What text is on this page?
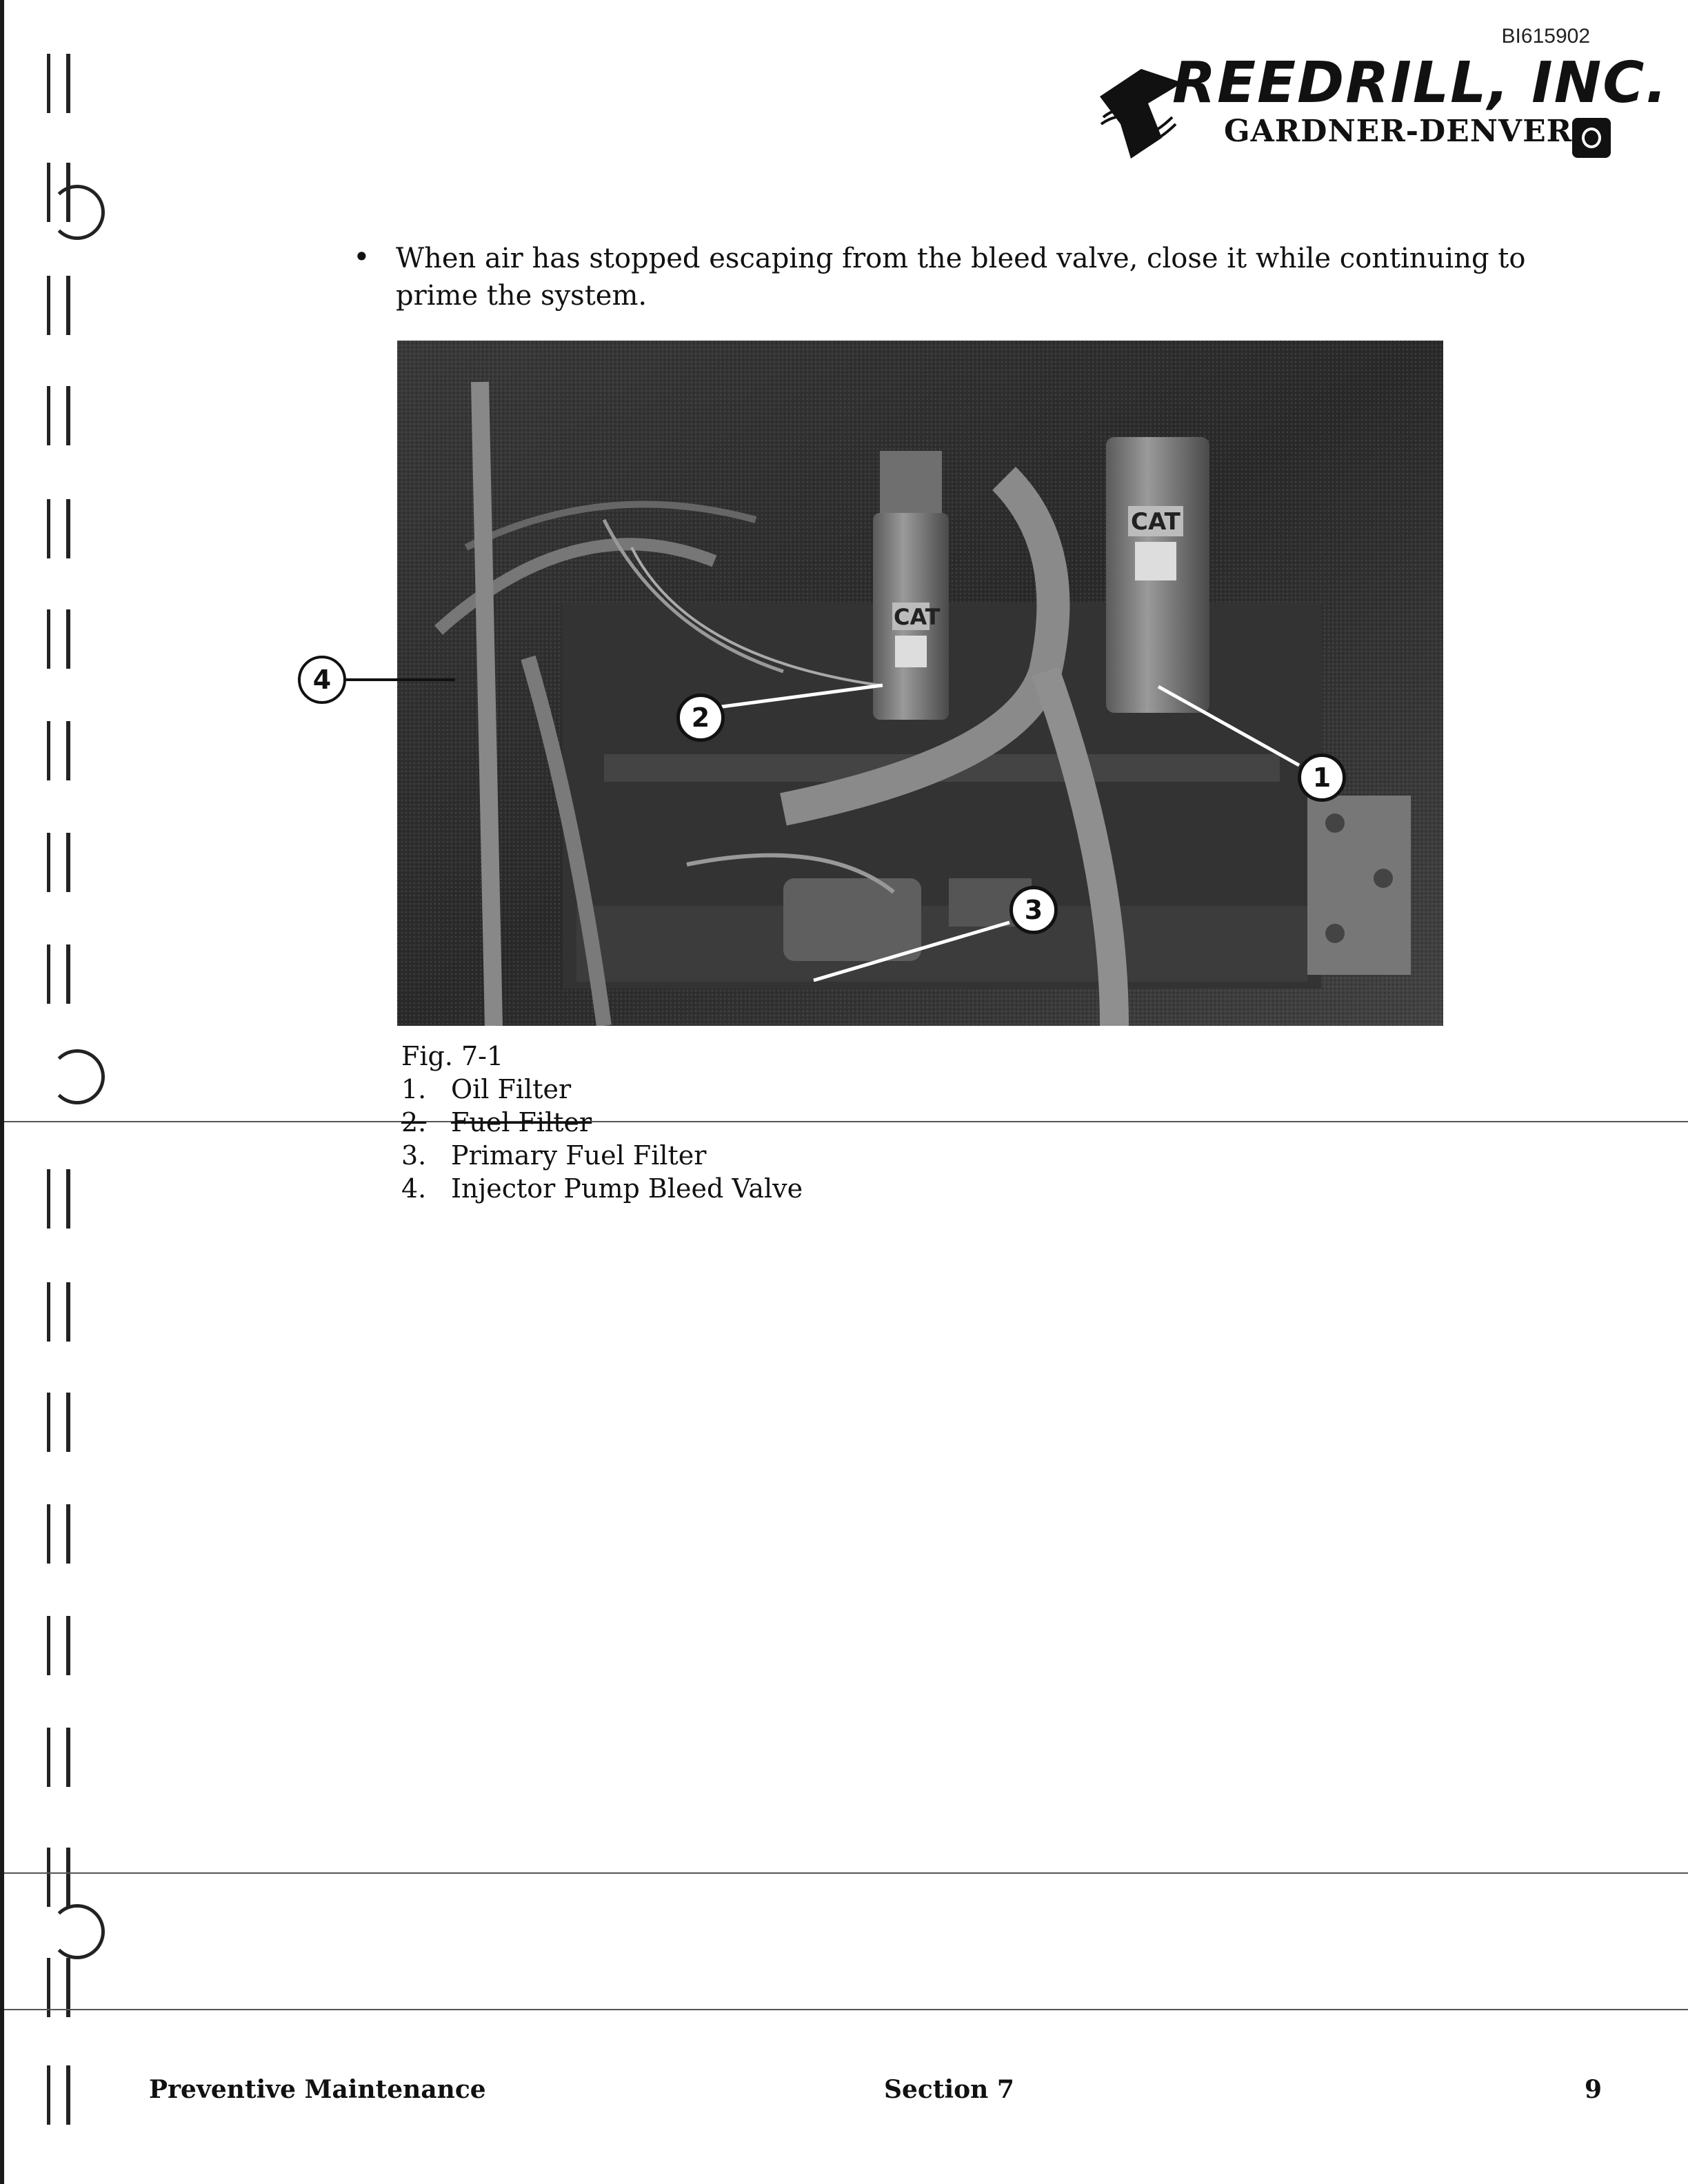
BI615902
REEDRILL, INC.
GARDNER-DENVER
• When air has stopped escaping from the bleed valve, close it while continuing to prime the system.
CAT
CAT
4
2
1
3
Fig. 7-1
1. Oil Filter
2. Fuel Filter
3. Primary Fuel Filter
4. Injector Pump Bleed Valve
Preventive Maintenance	Section 7	9
